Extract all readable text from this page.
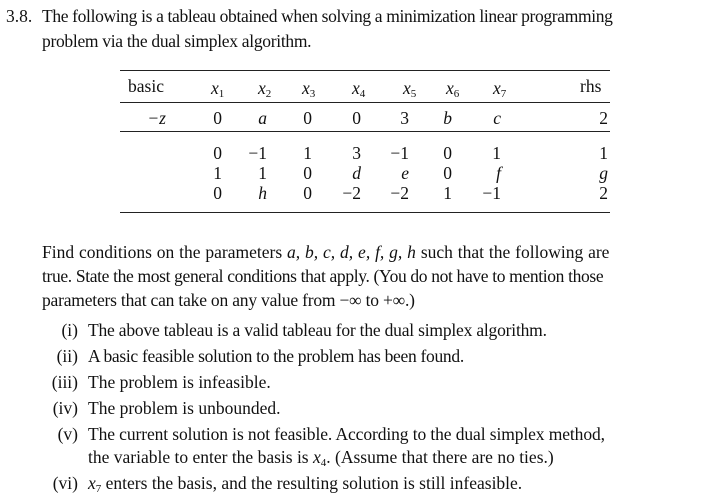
3.8. The following is a tableau obtained when solving a minimization linear programming
problem via the dual simplex algorithm.
basic	$x_1$ $x_2$ $x_3$ $x_4$ $x_5$ $x_6$ $x_7$	rhs
−z	0 a 0 0 3 b c	2
0 −1 1 3 −1 0 1	1
1 1 0 d e 0	f	g
0 h 0 −2 −2 1 −1	2
Find conditions on the parameters a, b, c, d, e, f, g, h such that the following are
true. State the most general conditions that apply. (You do not have to mention those
parameters that can take on any value from −∞ to +∞.)
(i) The above tableau is a valid tableau for the dual simplex algorithm.
(ii) A basic feasible solution to the problem has been found.
(iii) The problem is infeasible.
(iv) The problem is unbounded.
(v) The current solution is not feasible. According to the dual simplex method,
the variable to enter the basis is $x_4$. (Assume that there are no ties.)
(vi) $x_7$ enters the basis, and the resulting solution is still infeasible.
